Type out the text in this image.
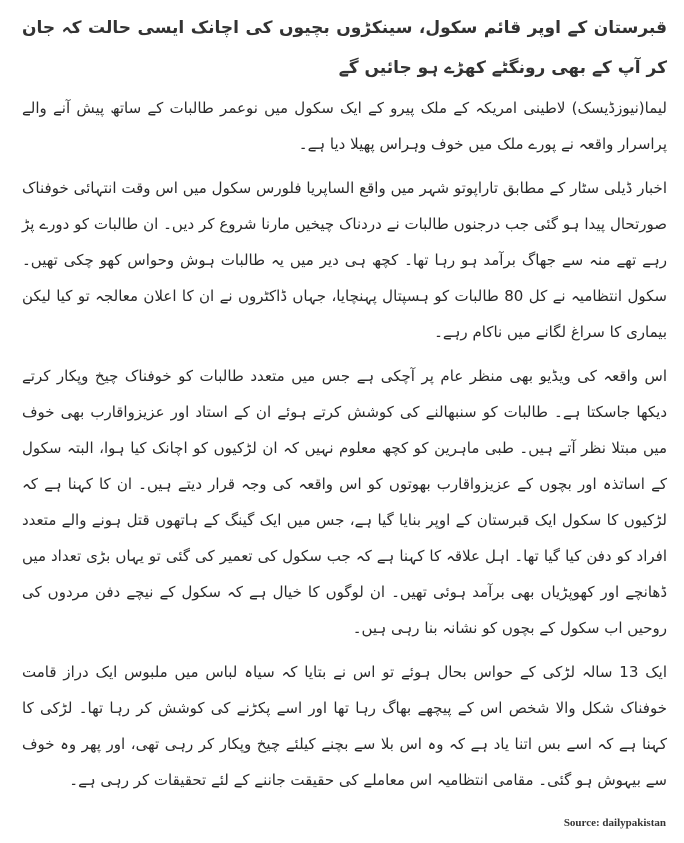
قبرستان کے اوپر قائم سکول، سینکڑوں بچیوں کی اچانک ایسی حالت کہ جان کر آپ کے بھی رونگٹے کھڑے ہو جائیں گے

لیما(نیوزڈیسک) لاطینی امریکہ کے ملک پیرو کے ایک سکول میں نوعمر طالبات کے ساتھ پیش آنے والے پراسرار واقعہ نے پورے ملک میں خوف وہراس پھیلا دیا ہے۔

اخبار ڈیلی سٹار کے مطابق تاراپوتو شہر میں واقع الساپریا فلورس سکول میں اس وقت انتہائی خوفناک صورتحال پیدا ہو گئی جب درجنوں طالبات نے دردناک چیخیں مارنا شروع کر دیں۔ ان طالبات کو دورے پڑ رہے تھے منہ سے جھاگ برآمد ہو رہا تھا۔ کچھ ہی دیر میں یہ طالبات ہوش وحواس کھو چکی تھیں۔ سکول انتظامیہ نے کل 80 طالبات کو ہسپتال پہنچایا، جہاں ڈاکٹروں نے ان کا اعلان معالجہ تو کیا لیکن بیماری کا سراغ لگانے میں ناکام رہے۔

اس واقعہ کی ویڈیو بھی منظر عام پر آچکی ہے جس میں متعدد طالبات کو خوفناک چیخ وپکار کرتے دیکھا جاسکتا ہے۔ طالبات کو سنبھالنے کی کوشش کرتے ہوئے ان کے استاد اور عزیزواقارب بھی خوف میں مبتلا نظر آتے ہیں۔ طبی ماہرین کو کچھ معلوم نہیں کہ ان لڑکیوں کو اچانک کیا ہوا، البتہ سکول کے اساتذہ اور بچوں کے عزیزواقارب بھوتوں کو اس واقعہ کی وجہ قرار دیتے ہیں۔ ان کا کہنا ہے کہ لڑکیوں کا سکول ایک قبرستان کے اوپر بنایا گیا ہے، جس میں ایک گینگ کے ہاتھوں قتل ہونے والے متعدد افراد کو دفن کیا گیا تھا۔ اہل علاقہ کا کہنا ہے کہ جب سکول کی تعمیر کی گئی تو یہاں بڑی تعداد میں ڈھانچے اور کھوپڑیاں بھی برآمد ہوئی تھیں۔ ان لوگوں کا خیال ہے کہ سکول کے نیچے دفن مردوں کی روحیں اب سکول کے بچوں کو نشانہ بنا رہی ہیں۔

ایک 13 سالہ لڑکی کے حواس بحال ہوئے تو اس نے بتایا کہ سیاہ لباس میں ملبوس ایک دراز قامت خوفناک شکل والا شخص اس کے پیچھے بھاگ رہا تھا اور اسے پکڑنے کی کوشش کر رہا تھا۔ لڑکی کا کہنا ہے کہ اسے بس اتنا یاد ہے کہ وہ اس بلا سے بچنے کیلئے چیخ وپکار کر رہی تھی، اور پھر وہ خوف سے بیہوش ہو گئی۔ مقامی انتظامیہ اس معاملے کی حقیقت جاننے کے لئے تحقیقات کر رہی ہے۔

Source: dailypakistan
